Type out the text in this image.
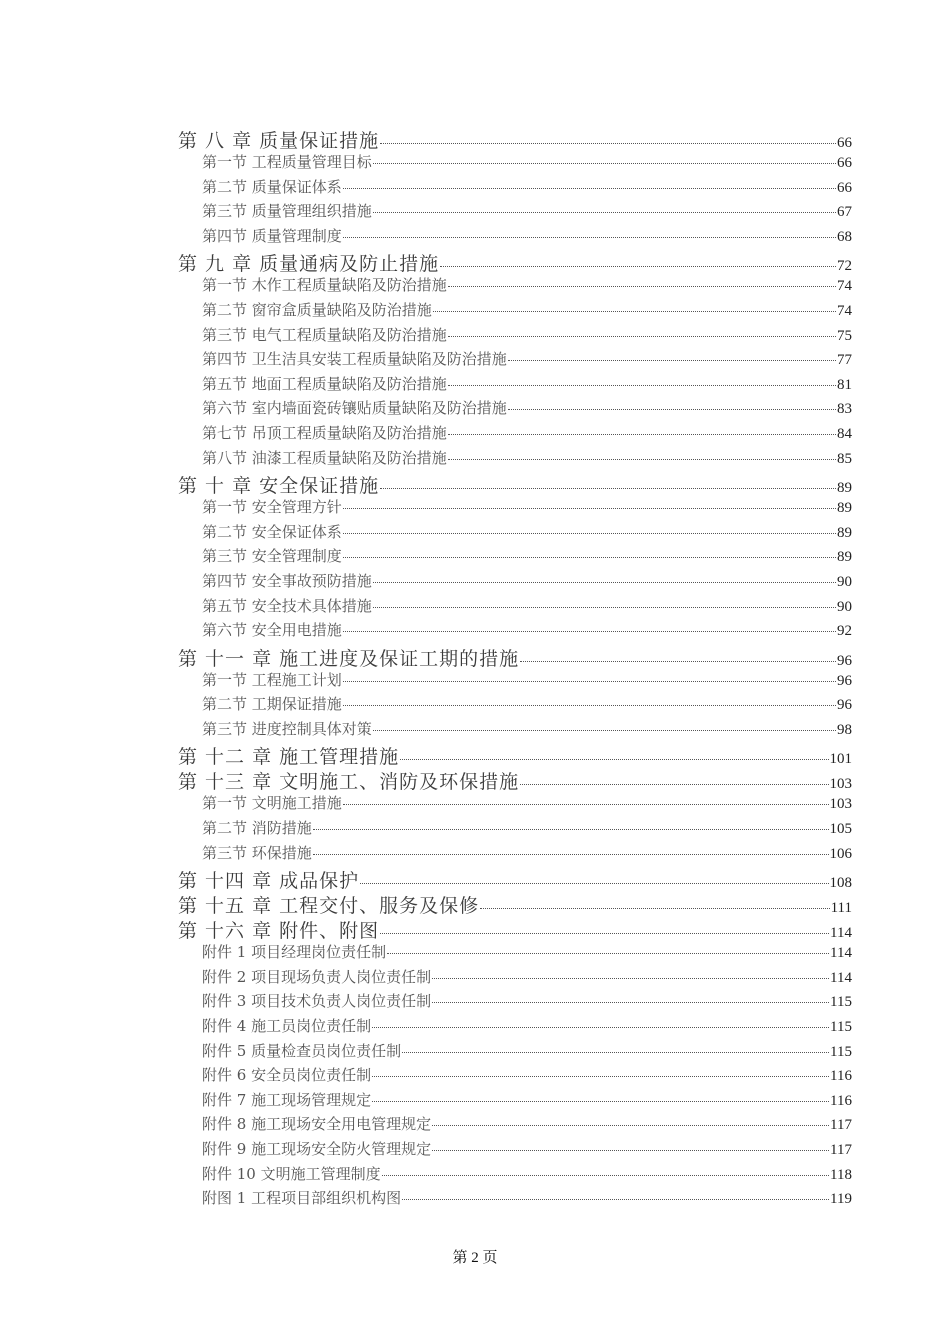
第 八 章 质量保证措施	66
第一节 工程质量管理目标	66
第二节 质量保证体系	66
第三节 质量管理组织措施	67
第四节 质量管理制度	68
第 九 章 质量通病及防止措施	72
第一节 木作工程质量缺陷及防治措施	74
第二节 窗帘盒质量缺陷及防治措施	74
第三节 电气工程质量缺陷及防治措施	75
第四节 卫生洁具安装工程质量缺陷及防治措施	77
第五节 地面工程质量缺陷及防治措施	81
第六节 室内墙面瓷砖镶贴质量缺陷及防治措施	83
第七节 吊顶工程质量缺陷及防治措施	84
第八节 油漆工程质量缺陷及防治措施	85
第 十 章 安全保证措施	89
第一节 安全管理方针	89
第二节 安全保证体系	89
第三节 安全管理制度	89
第四节 安全事故预防措施	90
第五节 安全技术具体措施	90
第六节 安全用电措施	92
第 十一 章 施工进度及保证工期的措施	96
第一节 工程施工计划	96
第二节 工期保证措施	96
第三节 进度控制具体对策	98
第 十二 章 施工管理措施	101
第 十三 章 文明施工、消防及环保措施	103
第一节 文明施工措施	103
第二节 消防措施	105
第三节 环保措施	106
第 十四 章 成品保护	108
第 十五 章 工程交付、服务及保修	111
第 十六 章 附件、附图	114
附件 1 项目经理岗位责任制	114
附件 2 项目现场负责人岗位责任制	114
附件 3 项目技术负责人岗位责任制	115
附件 4 施工员岗位责任制	115
附件 5 质量检查员岗位责任制	115
附件 6 安全员岗位责任制	116
附件 7 施工现场管理规定	116
附件 8 施工现场安全用电管理规定	117
附件 9 施工现场安全防火管理规定	117
附件 10 文明施工管理制度	118
附图 1 工程项目部组织机构图	119
第 2 页
